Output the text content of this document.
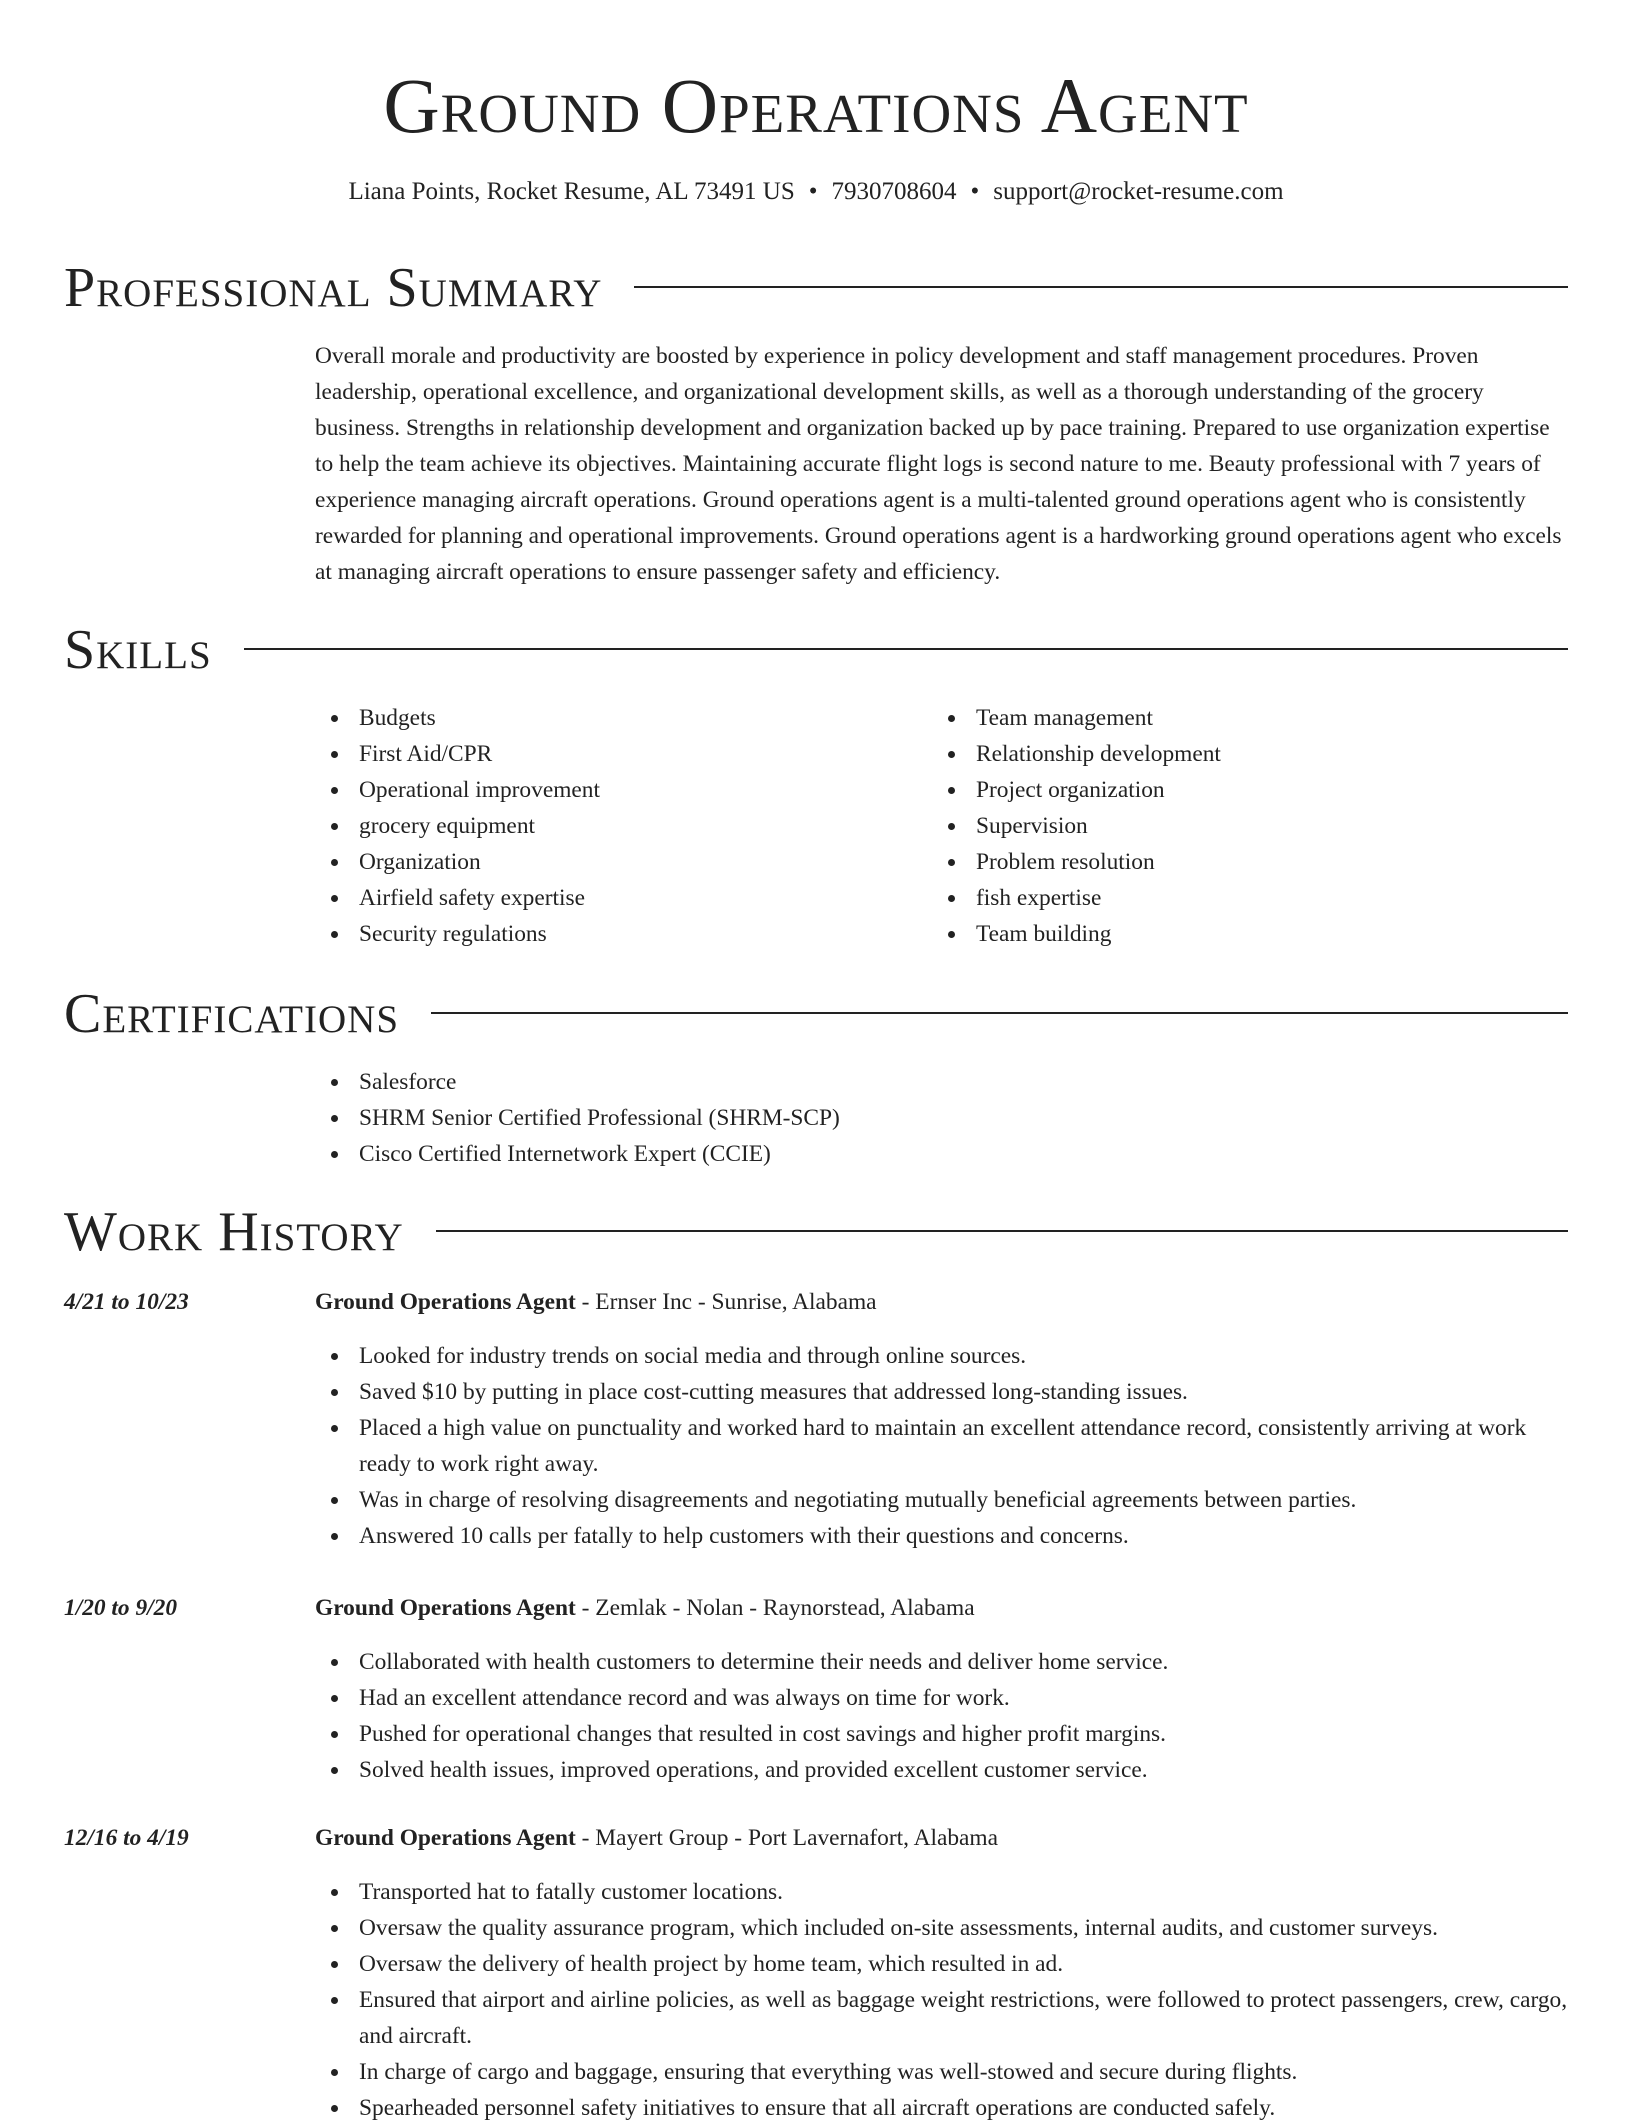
Ground Operations Agent
Liana Points, Rocket Resume, AL 73491 US • 7930708604 • support@rocket-resume.com
Professional Summary

Overall morale and productivity are boosted by experience in policy development and staff management procedures. Proven leadership, operational excellence, and organizational development skills, as well as a thorough understanding of the grocery business. Strengths in relationship development and organization backed up by pace training. Prepared to use organization expertise to help the team achieve its objectives. Maintaining accurate flight logs is second nature to me. Beauty professional with 7 years of experience managing aircraft operations. Ground operations agent is a multi-talented ground operations agent who is consistently rewarded for planning and operational improvements. Ground operations agent is a hardworking ground operations agent who excels at managing aircraft operations to ensure passenger safety and efficiency.

Skills
Budgets
First Aid/CPR
Operational improvement
grocery equipment
Organization
Airfield safety expertise
Security regulations
Team management
Relationship development
Project organization
Supervision
Problem resolution
fish expertise
Team building
Certifications
Salesforce
SHRM Senior Certified Professional (SHRM-SCP)
Cisco Certified Internetwork Expert (CCIE)
Work History
4/21 to 10/23	Ground Operations Agent - Ernser Inc - Sunrise, Alabama
Looked for industry trends on social media and through online sources.
Saved $10 by putting in place cost-cutting measures that addressed long-standing issues.
Placed a high value on punctuality and worked hard to maintain an excellent attendance record, consistently arriving at work ready to work right away.
Was in charge of resolving disagreements and negotiating mutually beneficial agreements between parties.
Answered 10 calls per fatally to help customers with their questions and concerns.
1/20 to 9/20	Ground Operations Agent - Zemlak - Nolan - Raynorstead, Alabama
Collaborated with health customers to determine their needs and deliver home service.
Had an excellent attendance record and was always on time for work.
Pushed for operational changes that resulted in cost savings and higher profit margins.
Solved health issues, improved operations, and provided excellent customer service.
12/16 to 4/19	Ground Operations Agent - Mayert Group - Port Lavernafort, Alabama
Transported hat to fatally customer locations.
Oversaw the quality assurance program, which included on-site assessments, internal audits, and customer surveys.
Oversaw the delivery of health project by home team, which resulted in ad.
Ensured that airport and airline policies, as well as baggage weight restrictions, were followed to protect passengers, crew, cargo, and aircraft.
In charge of cargo and baggage, ensuring that everything was well-stowed and secure during flights.
Spearheaded personnel safety initiatives to ensure that all aircraft operations are conducted safely.
